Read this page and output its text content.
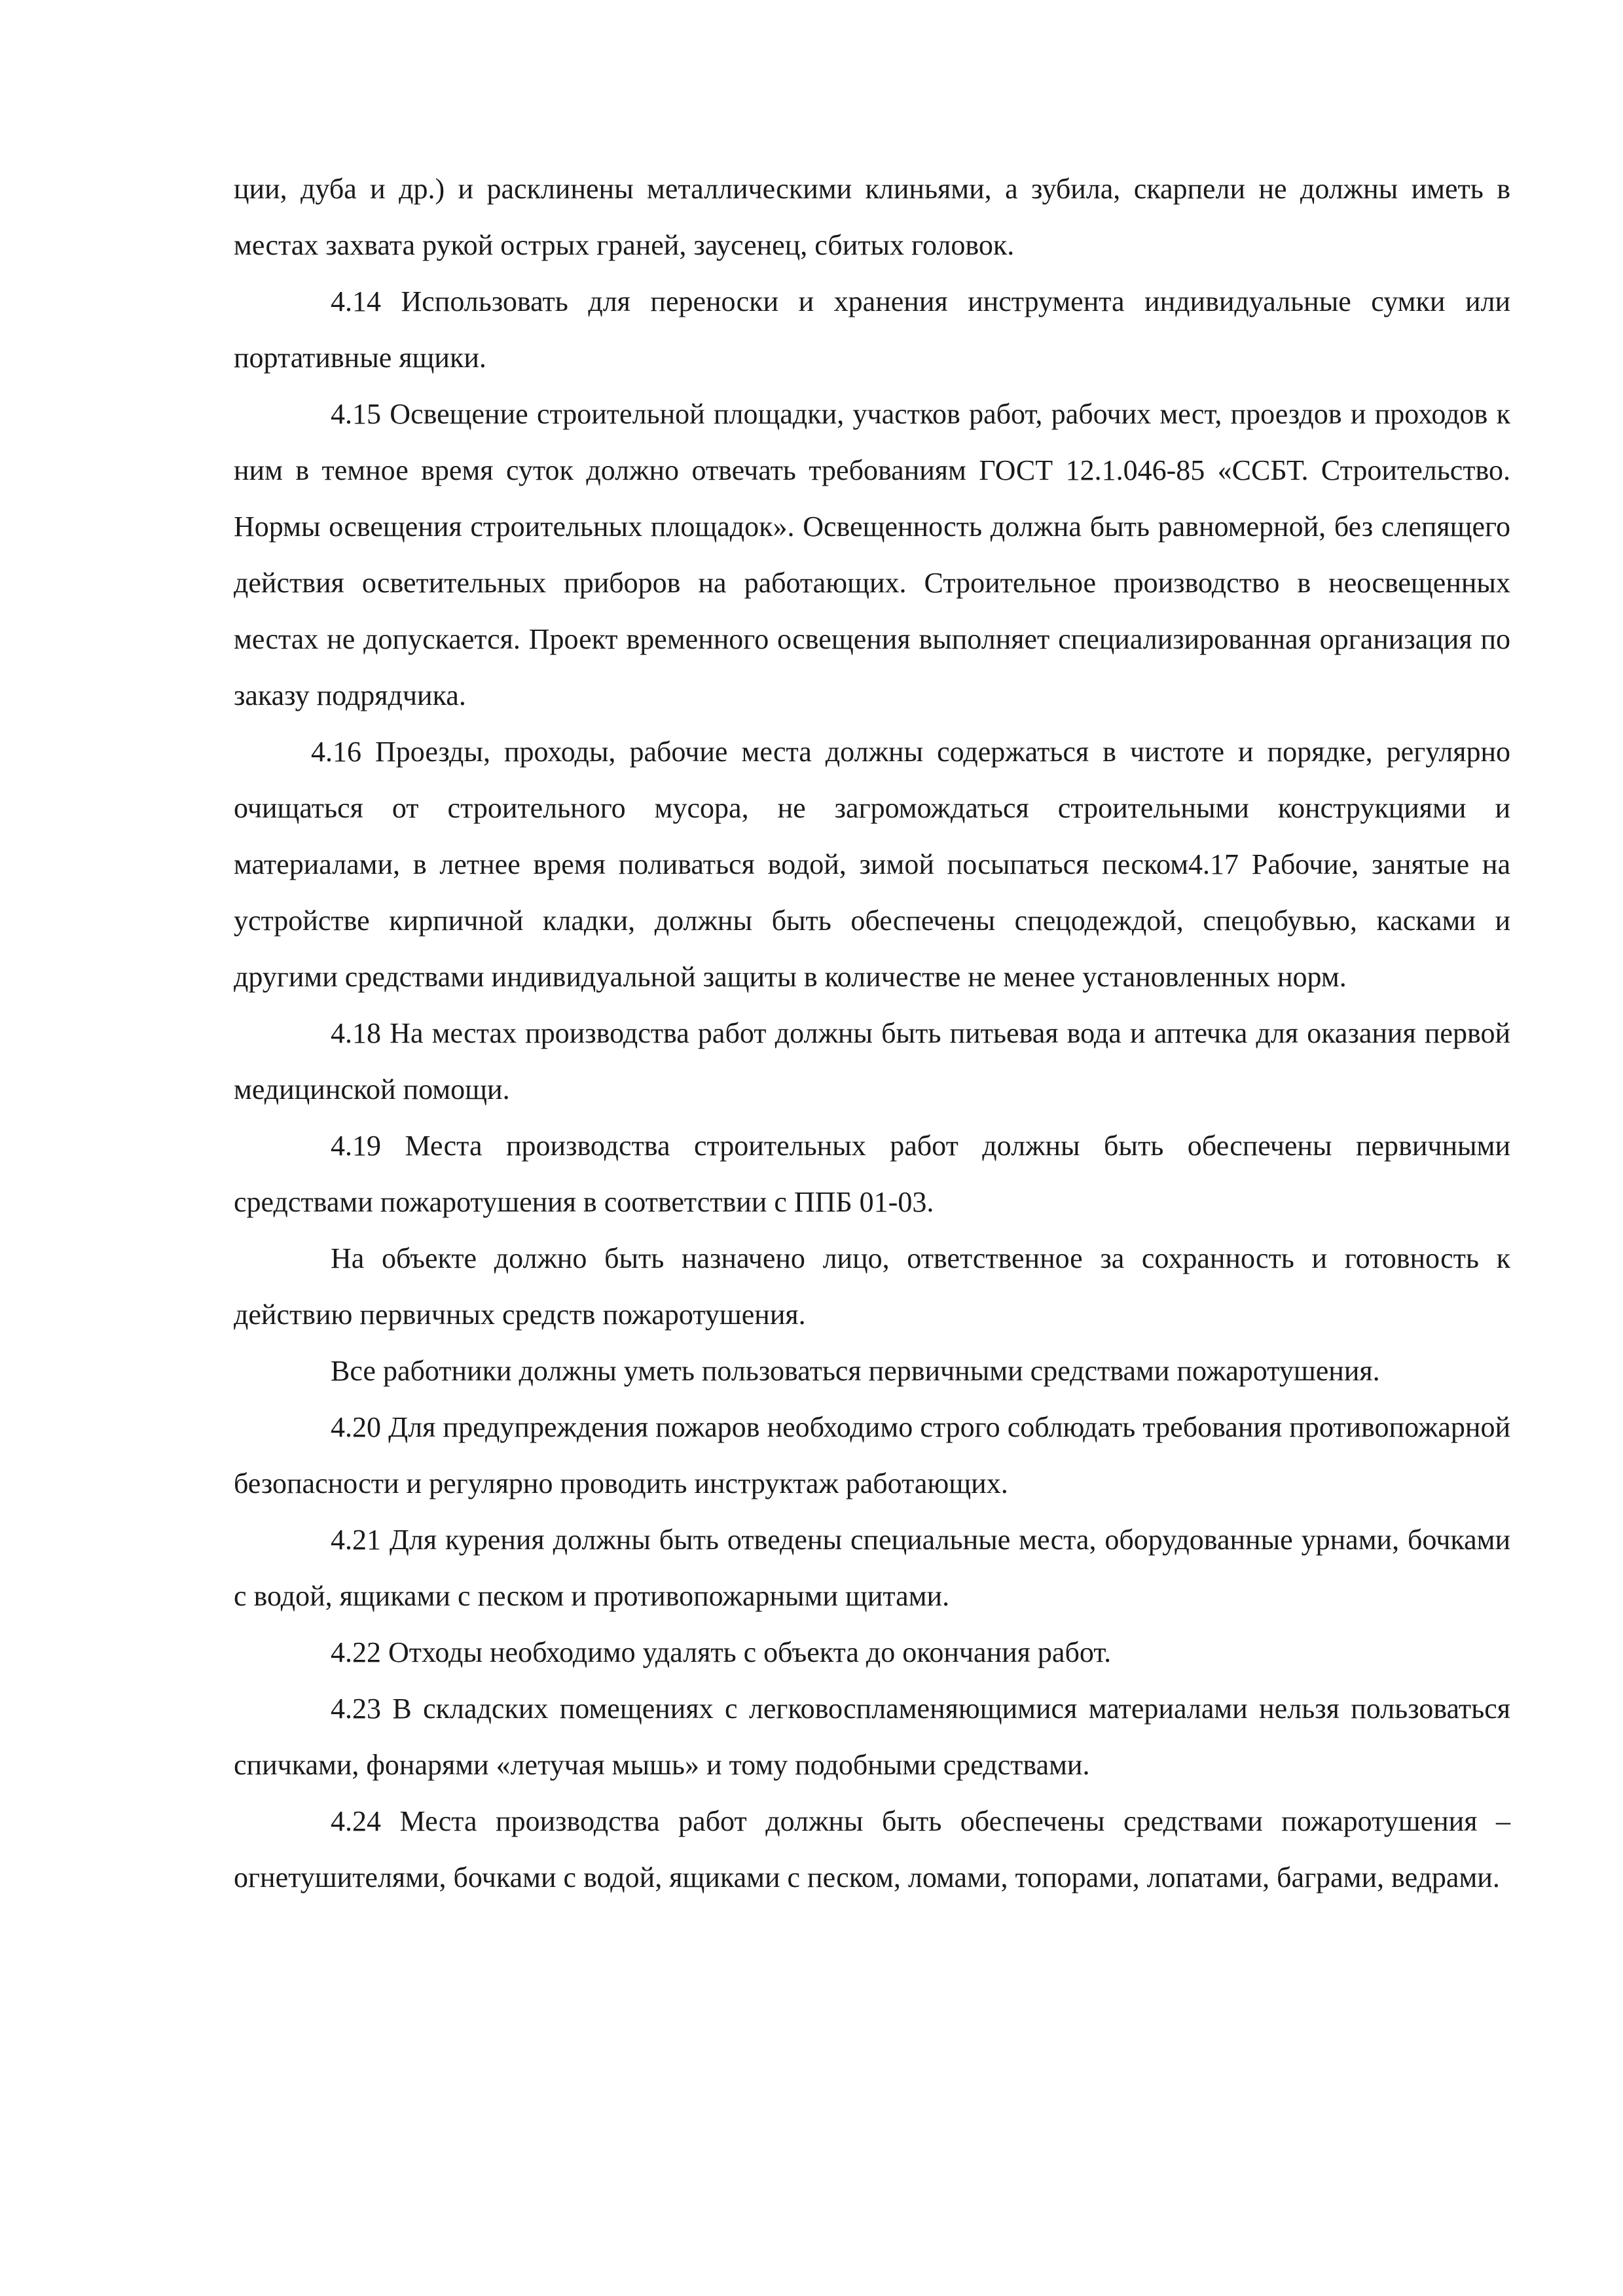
ции, дуба и др.) и расклинены металлическими клиньями, а зубила, скарпели не должны иметь в местах захвата рукой острых граней, заусенец, сбитых головок.

4.14 Использовать для переноски и хранения инструмента индивидуальные сумки или портативные ящики.

4.15 Освещение строительной площадки, участков работ, рабочих мест, проездов и проходов к ним в темное время суток должно отвечать требованиям ГОСТ 12.1.046-85 «ССБТ. Строительство. Нормы освещения строительных площадок». Освещенность должна быть равномерной, без слепящего действия осветительных приборов на работающих. Строительное производство в неосвещенных местах не допускается. Проект временного освещения выполняет специализированная организация по заказу подрядчика.

4.16 Проезды, проходы, рабочие места должны содержаться в чистоте и порядке, регулярно очищаться от строительного мусора, не загромождаться строительными конструкциями и материалами, в летнее время поливаться водой, зимой посыпаться песком4.17 Рабочие, занятые на устройстве кирпичной кладки, должны быть обеспечены спецодеждой, спецобувью, касками и другими средствами индивидуальной защиты в количестве не менее установленных норм.

4.18 На местах производства работ должны быть питьевая вода и аптечка для оказания первой медицинской помощи.

4.19 Места производства строительных работ должны быть обеспечены первичными средствами пожаротушения в соответствии с ППБ 01-03.

На объекте должно быть назначено лицо, ответственное за сохранность и готовность к действию первичных средств пожаротушения.

Все работники должны уметь пользоваться первичными средствами пожаротушения.

4.20 Для предупреждения пожаров необходимо строго соблюдать требования противопожарной безопасности и регулярно проводить инструктаж работающих.

4.21 Для курения должны быть отведены специальные места, оборудованные урнами, бочками с водой, ящиками с песком и противопожарными щитами.

4.22 Отходы необходимо удалять с объекта до окончания работ.

4.23 В складских помещениях с легковоспламеняющимися материалами нельзя пользоваться спичками, фонарями «летучая мышь» и тому подобными средствами.

4.24 Места производства работ должны быть обеспечены средствами пожаротушения – огнетушителями, бочками с водой, ящиками с песком, ломами, топорами, лопатами, баграми, ведрами.
